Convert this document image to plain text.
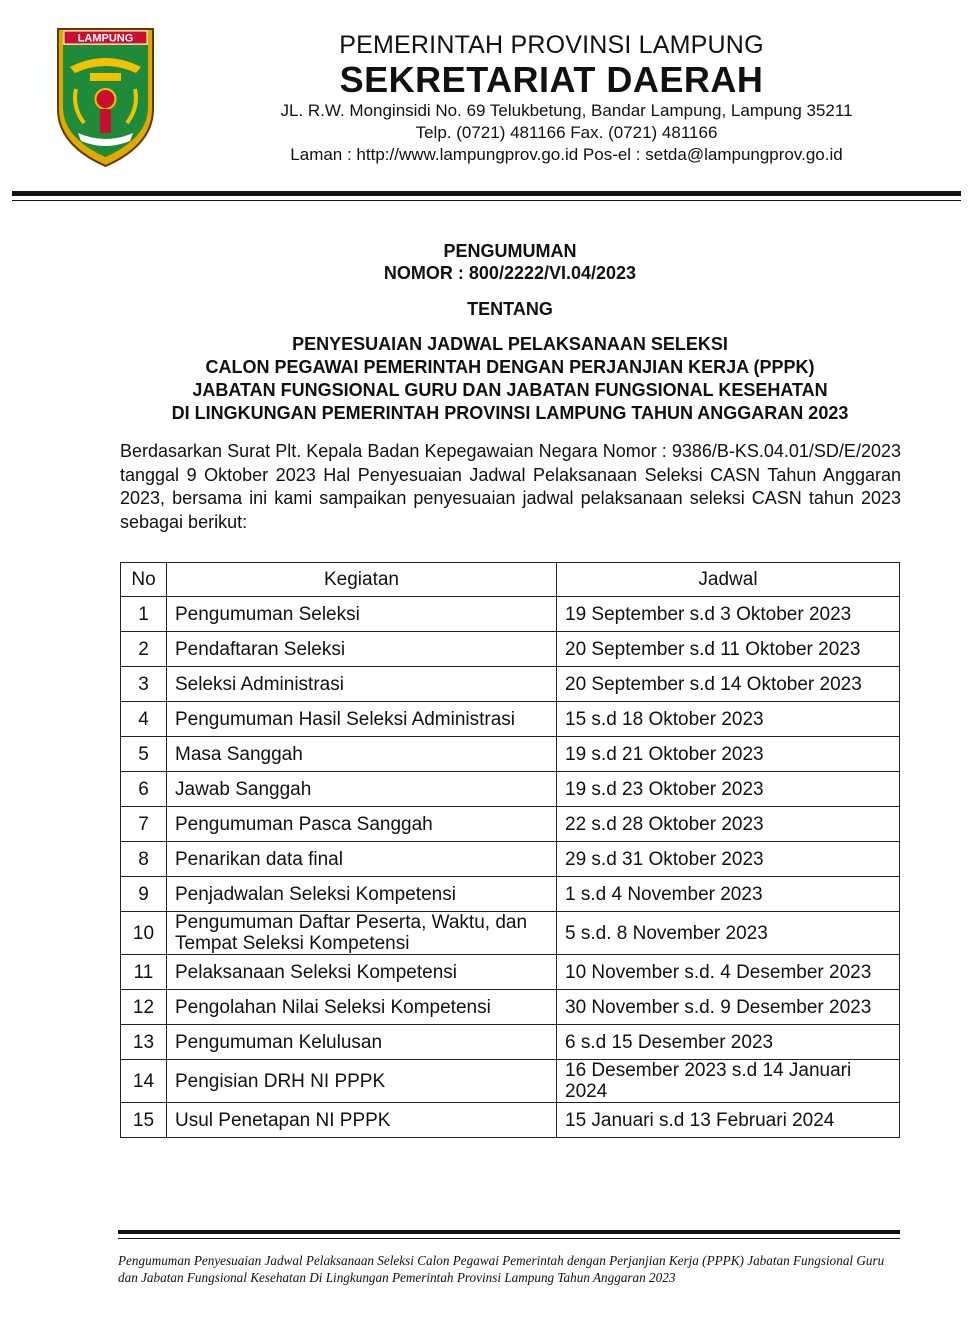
LAMPUNG	PEMERINTAH PROVINSI LAMPUNG
SEKRETARIAT DAERAH
JL. R.W. Monginsidi No. 69 Telukbetung, Bandar Lampung, Lampung 35211
Telp. (0721) 481166 Fax. (0721) 481166
Laman : http://www.lampungprov.go.id Pos-el : setda@lampungprov.go.id
PENGUMUMAN
NOMOR : 800/2222/VI.04/2023
TENTANG
PENYESUAIAN JADWAL PELAKSANAAN SELEKSI
CALON PEGAWAI PEMERINTAH DENGAN PERJANJIAN KERJA (PPPK)
JABATAN FUNGSIONAL GURU DAN JABATAN FUNGSIONAL KESEHATAN
DI LINGKUNGAN PEMERINTAH PROVINSI LAMPUNG TAHUN ANGGARAN 2023
Berdasarkan Surat Plt. Kepala Badan Kepegawaian Negara Nomor : 9386/B-KS.04.01/SD/E/2023 tanggal 9 Oktober 2023 Hal Penyesuaian Jadwal Pelaksanaan Seleksi CASN Tahun Anggaran 2023, bersama ini kami sampaikan penyesuaian jadwal pelaksanaan seleksi CASN tahun 2023 sebagai berikut:
No	Kegiatan	Jadwal
1	Pengumuman Seleksi	19 September s.d 3 Oktober 2023
2	Pendaftaran Seleksi	20 September s.d 11 Oktober 2023
3	Seleksi Administrasi	20 September s.d 14 Oktober 2023
4	Pengumuman Hasil Seleksi Administrasi	15 s.d 18 Oktober 2023
5	Masa Sanggah	19 s.d 21 Oktober 2023
6	Jawab Sanggah	19 s.d 23 Oktober 2023
7	Pengumuman Pasca Sanggah	22 s.d 28 Oktober 2023
8	Penarikan data final	29 s.d 31 Oktober 2023
9	Penjadwalan Seleksi Kompetensi	1 s.d 4 November 2023
10	Pengumuman Daftar Peserta, Waktu, dan Tempat Seleksi Kompetensi	5 s.d. 8 November 2023
11	Pelaksanaan Seleksi Kompetensi	10 November s.d. 4 Desember 2023
12	Pengolahan Nilai Seleksi Kompetensi	30 November s.d. 9 Desember 2023
13	Pengumuman Kelulusan	6 s.d 15 Desember 2023
14	Pengisian DRH NI PPPK	16 Desember 2023 s.d 14 Januari 2024
15	Usul Penetapan NI PPPK	15 Januari s.d 13 Februari 2024
Pengumuman Penyesuaian Jadwal Pelaksanaan Seleksi Calon Pegawai Pemerintah dengan Perjanjian Kerja (PPPK) Jabatan Fungsional Guru dan Jabatan Fungsional Kesehatan Di Lingkungan Pemerintah Provinsi Lampung Tahun Anggaran 2023
